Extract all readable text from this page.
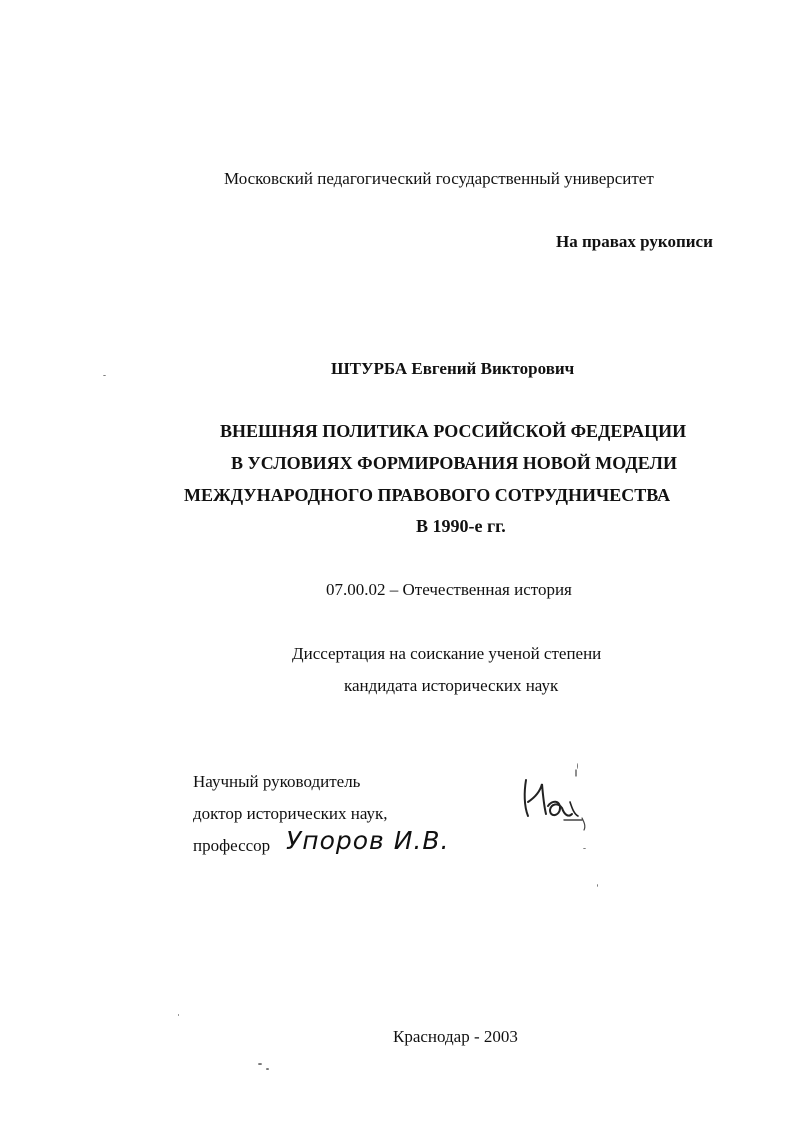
Московский педагогический государственный университет
На правах рукописи
ШТУРБА Евгений Викторович
ВНЕШНЯЯ ПОЛИТИКА РОССИЙСКОЙ ФЕДЕРАЦИИ
В УСЛОВИЯХ ФОРМИРОВАНИЯ НОВОЙ МОДЕЛИ
МЕЖДУНАРОДНОГО ПРАВОВОГО СОТРУДНИЧЕСТВА
В 1990-е гг.
07.00.02 – Отечественная история
Диссертация на соискание ученой степени
кандидата исторических наук
Научный руководитель
доктор исторических наук,
профессор Упоров И.В.
Краснодар - 2003
